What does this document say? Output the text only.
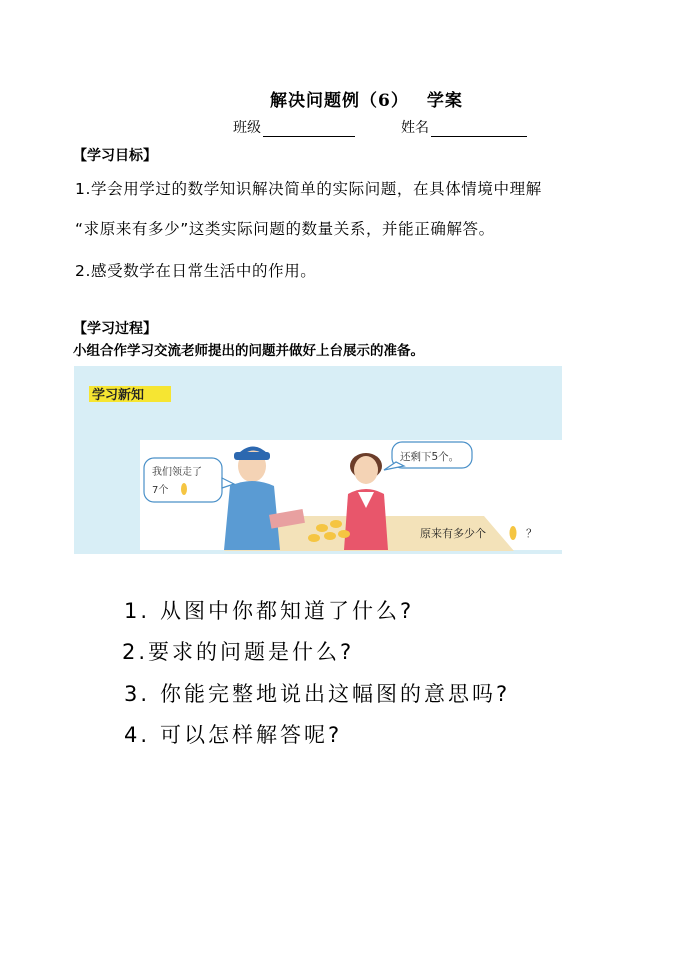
解决问题例（6） 学案
班级	姓名
【学习目标】
1.学会用学过的数学知识解决简单的实际问题，在具体情境中理解
“求原来有多少”这类实际问题的数量关系，并能正确解答。
2.感受数学在日常生活中的作用。
【学习过程】
小组合作学习交流老师提出的问题并做好上台展示的准备。
学习新知
我们领走了
7个
还剩下5个。
原来有多少个	？
1. 从图中你都知道了什么?
2.要求的问题是什么?
3. 你能完整地说出这幅图的意思吗?
4. 可以怎样解答呢?
